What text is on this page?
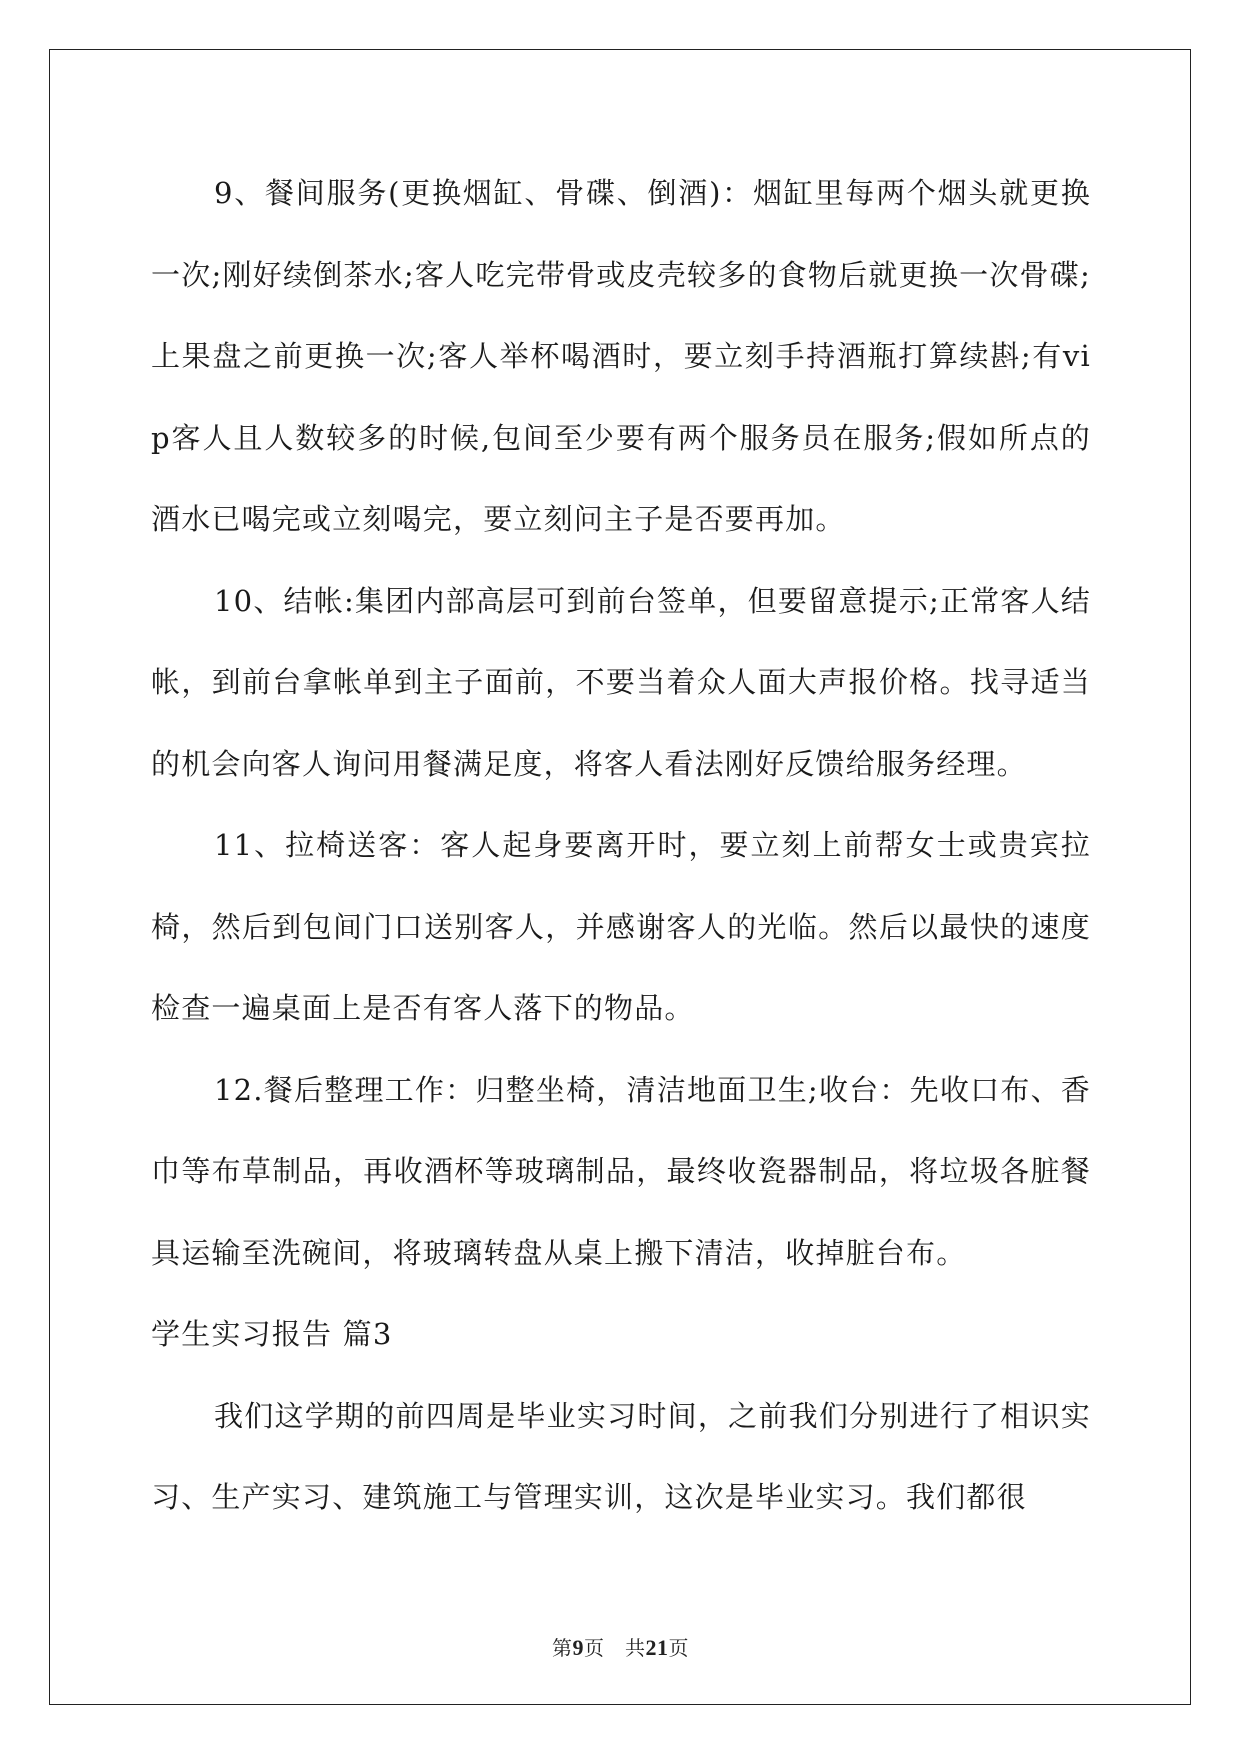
9、餐间服务(更换烟缸、骨碟、倒酒)：烟缸里每两个烟头就更换一次;刚好续倒茶水;客人吃完带骨或皮壳较多的食物后就更换一次骨碟;上果盘之前更换一次;客人举杯喝酒时，要立刻手持酒瓶打算续斟;有vip客人且人数较多的时候,包间至少要有两个服务员在服务;假如所点的酒水已喝完或立刻喝完，要立刻问主子是否要再加。

10、结帐:集团内部高层可到前台签单，但要留意提示;正常客人结帐，到前台拿帐单到主子面前，不要当着众人面大声报价格。找寻适当的机会向客人询问用餐满足度，将客人看法刚好反馈给服务经理。

11、拉椅送客：客人起身要离开时，要立刻上前帮女士或贵宾拉椅，然后到包间门口送别客人，并感谢客人的光临。然后以最快的速度检查一遍桌面上是否有客人落下的物品。

12.餐后整理工作：归整坐椅，清洁地面卫生;收台：先收口布、香巾等布草制品，再收酒杯等玻璃制品，最终收瓷器制品，将垃圾各脏餐具运输至洗碗间，将玻璃转盘从桌上搬下清洁，收掉脏台布。

学生实习报告 篇3

我们这学期的前四周是毕业实习时间，之前我们分别进行了相识实习、生产实习、建筑施工与管理实训，这次是毕业实习。我们都很

第9页　共21页
